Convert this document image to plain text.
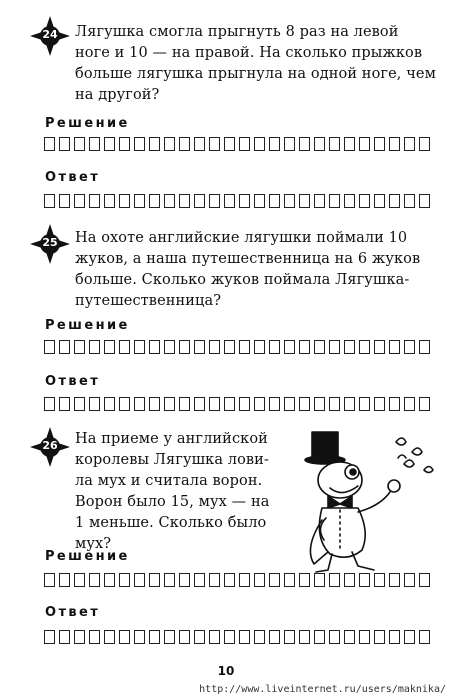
24	Лягушка смогла прыгнуть 8 раз на левой
ноге и 10 — на правой. На сколько прыжков
больше лягушка прыгнула на одной ноге, чем
на другой?
Решение
Ответ
25	На охоте английские лягушки поймали 10
жуков, а наша путешественница на 6 жуков
больше. Сколько жуков поймала Лягушка-
путешественница?
Решение
Ответ
26	На приеме у английской
королевы Лягушка лови-
ла мух и считала ворон.
Ворон было 15, мух — на
1 меньше. Сколько было
мух?
Решение
Ответ
10
http://www.liveinternet.ru/users/maknika/
